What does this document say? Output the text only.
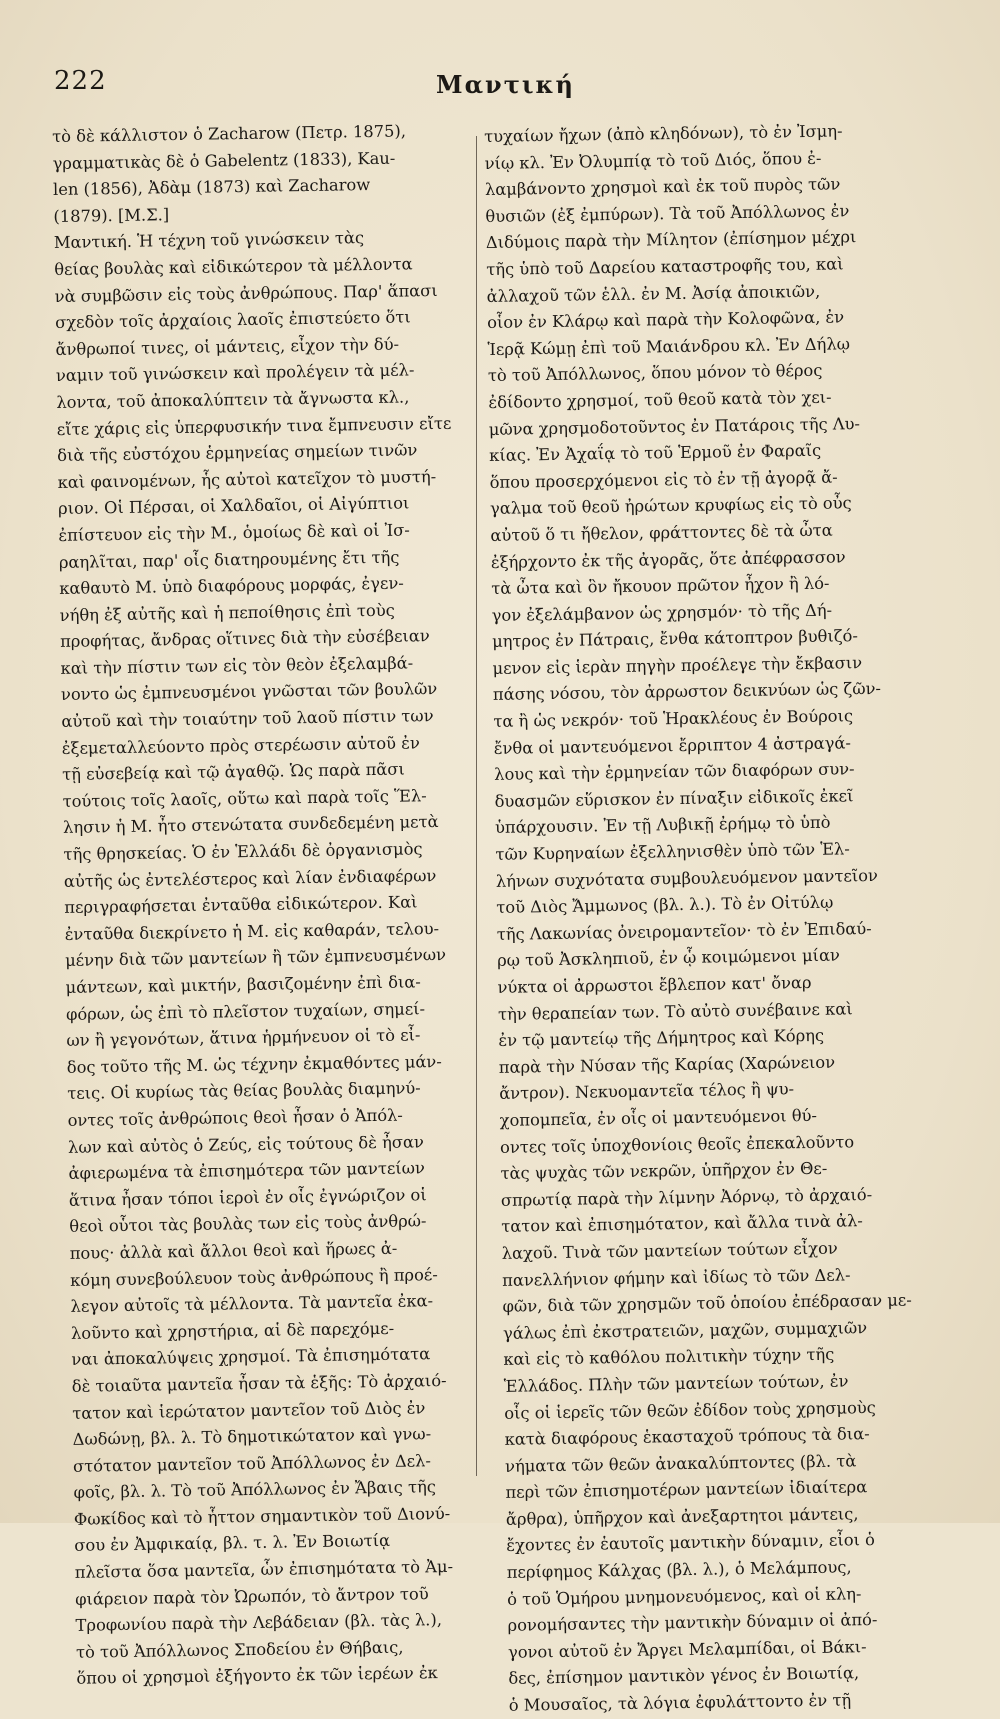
222	Μαντική
τὸ δὲ κάλλιστον ὁ Zacharow (Πετρ. 1875),
γραμματικὰς δὲ ὁ Gabelentz (1833), Kau-
len (1856), Ἀδὰμ (1873) καὶ Zacharow
(1879). [Μ.Σ.]
Μαντική. Ἡ τέχνη τοῦ γινώσκειν τὰς
θείας βουλὰς καὶ εἰδικώτερον τὰ μέλλοντα
νὰ συμβῶσιν εἰς τοὺς ἀνθρώπους. Παρ' ἅπασι
σχεδὸν τοῖς ἀρχαίοις λαοῖς ἐπιστεύετο ὅτι
ἄνθρωποί τινες, οἱ μάντεις, εἶχον τὴν δύ-
ναμιν τοῦ γινώσκειν καὶ προλέγειν τὰ μέλ-
λοντα, τοῦ ἀποκαλύπτειν τὰ ἄγνωστα κλ.,
εἴτε χάρις εἰς ὑπερφυσικήν τινα ἔμπνευσιν εἴτε
διὰ τῆς εὐστόχου ἑρμηνείας σημείων τινῶν
καὶ φαινομένων, ἧς αὐτοὶ κατεῖχον τὸ μυστή-
ριον. Οἱ Πέρσαι, οἱ Χαλδαῖοι, οἱ Αἰγύπτιοι
ἐπίστευον εἰς τὴν Μ., ὁμοίως δὲ καὶ οἱ Ἰσ-
ραηλῖται, παρ' οἷς διατηρουμένης ἔτι τῆς
καθαυτὸ Μ. ὑπὸ διαφόρους μορφάς, ἐγεν-
νήθη ἐξ αὐτῆς καὶ ἡ πεποίθησις ἐπὶ τοὺς
προφήτας, ἄνδρας οἵτινες διὰ τὴν εὐσέβειαν
καὶ τὴν πίστιν των εἰς τὸν θεὸν ἐξελαμβά-
νοντο ὡς ἐμπνευσμένοι γνῶσται τῶν βουλῶν
αὐτοῦ καὶ τὴν τοιαύτην τοῦ λαοῦ πίστιν των
ἐξεμεταλλεύοντο πρὸς στερέωσιν αὐτοῦ ἐν
τῇ εὐσεβείᾳ καὶ τῷ ἀγαθῷ. Ὡς παρὰ πᾶσι
τούτοις τοῖς λαοῖς, οὕτω καὶ παρὰ τοῖς Ἕλ-
λησιν ἡ Μ. ἦτο στενώτατα συνδεδεμένη μετὰ
τῆς θρησκείας. Ὁ ἐν Ἑλλάδι δὲ ὀργανισμὸς
αὐτῆς ὡς ἐντελέστερος καὶ λίαν ἐνδιαφέρων
περιγραφήσεται ἐνταῦθα εἰδικώτερον. Καὶ
ἐνταῦθα διεκρίνετο ἡ Μ. εἰς καθαράν, τελου-
μένην διὰ τῶν μαντείων ἢ τῶν ἐμπνευσμένων
μάντεων, καὶ μικτήν, βασιζομένην ἐπὶ δια-
φόρων, ὡς ἐπὶ τὸ πλεῖστον τυχαίων, σημεί-
ων ἢ γεγονότων, ἅτινα ἡρμήνευον οἱ τὸ εἶ-
δος τοῦτο τῆς Μ. ὡς τέχνην ἐκμαθόντες μάν-
τεις. Οἱ κυρίως τὰς θείας βουλὰς διαμηνύ-
οντες τοῖς ἀνθρώποις θεοὶ ἦσαν ὁ Ἀπόλ-
λων καὶ αὐτὸς ὁ Ζεύς, εἰς τούτους δὲ ἦσαν
ἀφιερωμένα τὰ ἐπισημότερα τῶν μαντείων
ἅτινα ἦσαν τόποι ἱεροὶ ἐν οἷς ἐγνώριζον οἱ
θεοὶ οὗτοι τὰς βουλὰς των εἰς τοὺς ἀνθρώ-
πους· ἀλλὰ καὶ ἄλλοι θεοὶ καὶ ἥρωες ἀ-
κόμη συνεβούλευον τοὺς ἀνθρώπους ἢ προέ-
λεγον αὐτοῖς τὰ μέλλοντα. Τὰ μαντεῖα ἐκα-
λοῦντο καὶ χρηστήρια, αἱ δὲ παρεχόμε-
ναι ἀποκαλύψεις χρησμοί. Τὰ ἐπισημότατα
δὲ τοιαῦτα μαντεῖα ἦσαν τὰ ἑξῆς: Τὸ ἀρχαιό-
τατον καὶ ἱερώτατον μαντεῖον τοῦ Διὸς ἐν
Δωδώνῃ, βλ. λ. Τὸ δημοτικώτατον καὶ γνω-
στότατον μαντεῖον τοῦ Ἀπόλλωνος ἐν Δελ-
φοῖς, βλ. λ. Τὸ τοῦ Ἀπόλλωνος ἐν Ἄβαις τῆς
Φωκίδος καὶ τὸ ἧττον σημαντικὸν τοῦ Διονύ-
σου ἐν Ἀμφικαίᾳ, βλ. τ. λ. Ἐν Βοιωτίᾳ
πλεῖστα ὅσα μαντεῖα, ὧν ἐπισημότατα τὸ Ἀμ-
φιάρειον παρὰ τὸν Ὠρωπόν, τὸ ἄντρον τοῦ
Τροφωνίου παρὰ τὴν Λεβάδειαν (βλ. τὰς λ.),
τὸ τοῦ Ἀπόλλωνος Σποδείου ἐν Θήβαις,
ὅπου οἱ χρησμοὶ ἐξήγοντο ἐκ τῶν ἱερέων ἐκ
τυχαίων ἤχων (ἀπὸ κληδόνων), τὸ ἐν Ἰσμη-
νίῳ κλ. Ἐν Ὀλυμπίᾳ τὸ τοῦ Διός, ὅπου ἐ-
λαμβάνοντο χρησμοὶ καὶ ἐκ τοῦ πυρὸς τῶν
θυσιῶν (ἐξ ἐμπύρων). Τὰ τοῦ Ἀπόλλωνος ἐν
Διδύμοις παρὰ τὴν Μίλητον (ἐπίσημον μέχρι
τῆς ὑπὸ τοῦ Δαρείου καταστροφῆς του, καὶ
ἀλλαχοῦ τῶν ἑλλ. ἐν Μ. Ἀσίᾳ ἀποικιῶν,
οἷον ἐν Κλάρῳ καὶ παρὰ τὴν Κολοφῶνα, ἐν
Ἱερᾷ Κώμῃ ἐπὶ τοῦ Μαιάνδρου κλ. Ἐν Δήλῳ
τὸ τοῦ Ἀπόλλωνος, ὅπου μόνον τὸ θέρος
ἐδίδοντο χρησμοί, τοῦ θεοῦ κατὰ τὸν χει-
μῶνα χρησμοδοτοῦντος ἐν Πατάροις τῆς Λυ-
κίας. Ἐν Ἀχαΐᾳ τὸ τοῦ Ἑρμοῦ ἐν Φαραῖς
ὅπου προσερχόμενοι εἰς τὸ ἐν τῇ ἀγορᾷ ἄ-
γαλμα τοῦ θεοῦ ἠρώτων κρυφίως εἰς τὸ οὖς
αὐτοῦ ὅ τι ἤθελον, φράττοντες δὲ τὰ ὦτα
ἐξήρχοντο ἐκ τῆς ἀγορᾶς, ὅτε ἀπέφρασσον
τὰ ὦτα καὶ ὃν ἤκουον πρῶτον ἦχον ἢ λό-
γον ἐξελάμβανον ὡς χρησμόν· τὸ τῆς Δή-
μητρος ἐν Πάτραις, ἔνθα κάτοπτρον βυθιζό-
μενον εἰς ἱερὰν πηγὴν προέλεγε τὴν ἔκβασιν
πάσης νόσου, τὸν ἀρρωστον δεικνύων ὡς ζῶν-
τα ἢ ὡς νεκρόν· τοῦ Ἡρακλέους ἐν Βούροις
ἔνθα οἱ μαντευόμενοι ἔρριπτον 4 ἀστραγά-
λους καὶ τὴν ἑρμηνείαν τῶν διαφόρων συν-
δυασμῶν εὕρισκον ἐν πίναξιν εἰδικοῖς ἐκεῖ
ὑπάρχουσιν. Ἐν τῇ Λυβικῇ ἐρήμῳ τὸ ὑπὸ
τῶν Κυρηναίων ἐξελληνισθὲν ὑπὸ τῶν Ἑλ-
λήνων συχνότατα συμβουλευόμενον μαντεῖον
τοῦ Διὸς Ἄμμωνος (βλ. λ.). Τὸ ἐν Οἰτύλῳ
τῆς Λακωνίας ὀνειρομαντεῖον· τὸ ἐν Ἐπιδαύ-
ρῳ τοῦ Ἀσκληπιοῦ, ἐν ᾧ κοιμώμενοι μίαν
νύκτα οἱ ἀρρωστοι ἔβλεπον κατ' ὄναρ
τὴν θεραπείαν των. Τὸ αὐτὸ συνέβαινε καὶ
ἐν τῷ μαντείῳ τῆς Δήμητρος καὶ Κόρης
παρὰ τὴν Νύσαν τῆς Καρίας (Χαρώνειον
ἄντρον). Νεκυομαντεῖα τέλος ἢ ψυ-
χοπομπεῖα, ἐν οἷς οἱ μαντευόμενοι θύ-
οντες τοῖς ὑποχθονίοις θεοῖς ἐπεκαλοῦντο
τὰς ψυχὰς τῶν νεκρῶν, ὑπῆρχον ἐν Θε-
σπρωτίᾳ παρὰ τὴν λίμνην Ἀόρνῳ, τὸ ἀρχαιό-
τατον καὶ ἐπισημότατον, καὶ ἄλλα τινὰ ἀλ-
λαχοῦ. Τινὰ τῶν μαντείων τούτων εἶχον
πανελλήνιον φήμην καὶ ἰδίως τὸ τῶν Δελ-
φῶν, διὰ τῶν χρησμῶν τοῦ ὁποίου ἐπέδρασαν με-
γάλως ἐπὶ ἐκστρατειῶν, μαχῶν, συμμαχιῶν
καὶ εἰς τὸ καθόλου πολιτικὴν τύχην τῆς
Ἑλλάδος. Πλὴν τῶν μαντείων τούτων, ἐν
οἷς οἱ ἱερεῖς τῶν θεῶν ἐδίδον τοὺς χρησμοὺς
κατὰ διαφόρους ἑκασταχοῦ τρόπους τὰ δια-
νήματα τῶν θεῶν ἀνακαλύπτοντες (βλ. τὰ
περὶ τῶν ἐπισημοτέρων μαντείων ἰδιαίτερα
ἄρθρα), ὑπῆρχον καὶ ἀνεξαρτητοι μάντεις,
ἔχοντες ἐν ἑαυτοῖς μαντικὴν δύναμιν, εἶοι ὁ
περίφημος Κάλχας (βλ. λ.), ὁ Μελάμπους,
ὁ τοῦ Ὁμήρου μνημονευόμενος, καὶ οἱ κλη-
ρονομήσαντες τὴν μαντικὴν δύναμιν οἱ ἀπό-
γονοι αὐτοῦ ἐν Ἄργει Μελαμπίδαι, οἱ Βάκι-
δες, ἐπίσημον μαντικὸν γένος ἐν Βοιωτίᾳ,
ὁ Μουσαῖος, τὰ λόγια ἐφυλάττοντο ἐν τῇ
